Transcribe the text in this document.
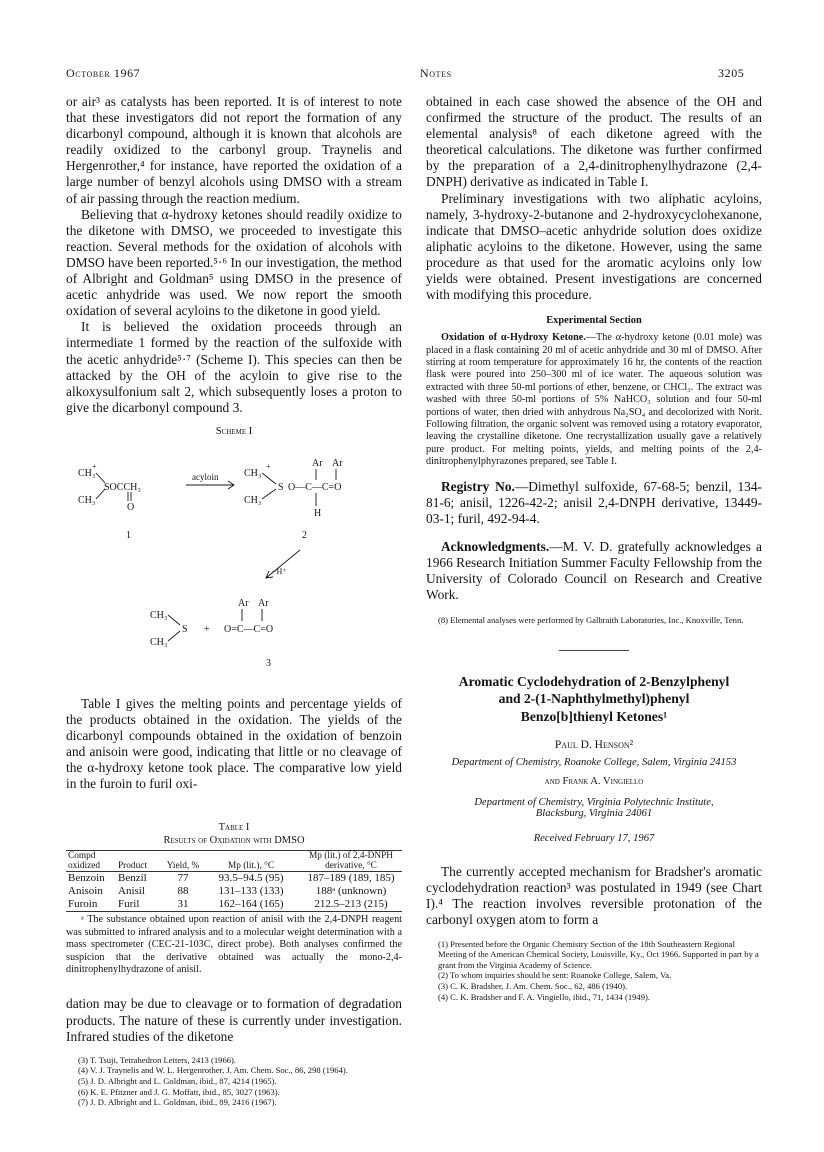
October 1967	Notes	3205

or air³ as catalysts has been reported. It is of interest to note that these investigators did not report the formation of any dicarbonyl compound, although it is known that alcohols are readily oxidized to the carbonyl group. Traynelis and Hergenrother,⁴ for instance, have reported the oxidation of a large number of benzyl alcohols using DMSO with a stream of air passing through the reaction medium.

Believing that α-hydroxy ketones should readily oxidize to the diketone with DMSO, we proceeded to investigate this reaction. Several methods for the oxidation of alcohols with DMSO have been reported.⁵·⁶ In our investigation, the method of Albright and Goldman⁵ using DMSO in the presence of acetic anhydride was used. We now report the smooth oxidation of several acyloins to the diketone in good yield.

It is believed the oxidation proceeds through an intermediate 1 formed by the reaction of the sulfoxide with the acetic anhydride⁵·⁷ (Scheme I). This species can then be attacked by the OH of the acyloin to give rise to the alkoxysulfonium salt 2, which subsequently loses a proton to give the dicarbonyl compound 3.

Scheme I
CH₃
CH₃
+
SOCCH₃
O
1
acyloin	CH₃
CH₃
+
S O—C—C=O
Ar Ar
H
2
−H⁺
CH₃
CH₃
S + O=C—C=O
Ar Ar
3

Table I gives the melting points and percentage yields of the products obtained in the oxidation. The yields of the dicarbonyl compounds obtained in the oxidation of benzoin and anisoin were good, indicating that little or no cleavage of the α-hydroxy ketone took place. The comparative low yield in the furoin to furil oxi-

Table I
Results of Oxidation with DMSO
Compd oxidized	Product	Yield, %	Mp (lit.), °C	Mp (lit.) of 2,4-DNPH derivative, °C
Benzoin	Benzil	77	93.5–94.5 (95)	187–189 (189, 185)
Anisoin	Anisil	88	131–133 (133)	188ᵃ (unknown)
Furoin	Furil	31	162–164 (165)	212.5–213 (215)

ᵃ The substance obtained upon reaction of anisil with the 2,4-DNPH reagent was submitted to infrared analysis and to a molecular weight determination with a mass spectrometer (CEC-21-103C, direct probe). Both analyses confirmed the suspicion that the derivative obtained was actually the mono-2,4-dinitrophenylhydrazone of anisil.

dation may be due to cleavage or to formation of degradation products. The nature of these is currently under investigation. Infrared studies of the diketone

(3) T. Tsuji, Tetrahedron Letters, 2413 (1966).

(4) V. J. Traynelis and W. L. Hergenrother, J. Am. Chem. Soc., 86, 298 (1964).

(5) J. D. Albright and L. Goldman, ibid., 87, 4214 (1965).

(6) K. E. Pfitzner and J. G. Moffatt, ibid., 85, 3027 (1963).

(7) J. D. Albright and L. Goldman, ibid., 89, 2416 (1967).

obtained in each case showed the absence of the OH and confirmed the structure of the product. The results of an elemental analysis⁸ of each diketone agreed with the theoretical calculations. The diketone was further confirmed by the preparation of a 2,4-dinitrophenylhydrazone (2,4-DNPH) derivative as indicated in Table I.

Preliminary investigations with two aliphatic acyloins, namely, 3-hydroxy-2-butanone and 2-hydroxycyclohexanone, indicate that DMSO–acetic anhydride solution does oxidize aliphatic acyloins to the diketone. However, using the same procedure as that used for the aromatic acyloins only low yields were obtained. Present investigations are concerned with modifying this procedure.

Experimental Section

Oxidation of α-Hydroxy Ketone.—The α-hydroxy ketone (0.01 mole) was placed in a flask containing 20 ml of acetic anhydride and 30 ml of DMSO. After stirring at room temperature for approximately 16 hr, the contents of the reaction flask were poured into 250–300 ml of ice water. The aqueous solution was extracted with three 50-ml portions of ether, benzene, or CHCl₃. The extract was washed with three 50-ml portions of 5% NaHCO₃ solution and four 50-ml portions of water, then dried with anhydrous Na₂SO₄ and decolorized with Norit. Following filtration, the organic solvent was removed using a rotatory evaporator, leaving the crystalline diketone. One recrystallization usually gave a relatively pure product. For melting points, yields, and melting points of the 2,4-dinitrophenylphyrazones prepared, see Table I.

Registry No.—Dimethyl sulfoxide, 67-68-5; benzil, 134-81-6; anisil, 1226-42-2; anisil 2,4-DNPH derivative, 13449-03-1; furil, 492-94-4.

Acknowledgments.—M. V. D. gratefully acknowledges a 1966 Research Initiation Summer Faculty Fellowship from the University of Colorado Council on Research and Creative Work.

(8) Elemental analyses were performed by Galbraith Laboratories, Inc., Knoxville, Tenn.

Aromatic Cyclodehydration of 2-Benzylphenyl
and 2-(1-Naphthylmethyl)phenyl
Benzo[b]thienyl Ketones¹
Paul D. Henson²
Department of Chemistry, Roanoke College, Salem, Virginia 24153
and Frank A. Vingiello
Department of Chemistry, Virginia Polytechnic Institute,
Blacksburg, Virginia 24061
Received February 17, 1967

The currently accepted mechanism for Bradsher's aromatic cyclodehydration reaction³ was postulated in 1949 (see Chart I).⁴ The reaction involves reversible protonation of the carbonyl oxygen atom to form a

(1) Presented before the Organic Chemistry Section of the 18th Southeastern Regional Meeting of the American Chemical Society, Louisville, Ky., Oct 1966. Supported in part by a grant from the Virginia Academy of Science.

(2) To whom inquiries should be sent: Roanoke College, Salem, Va.

(3) C. K. Bradsher, J. Am. Chem. Soc., 62, 486 (1940).

(4) C. K. Bradsher and F. A. Vingiello, ibid., 71, 1434 (1949).
